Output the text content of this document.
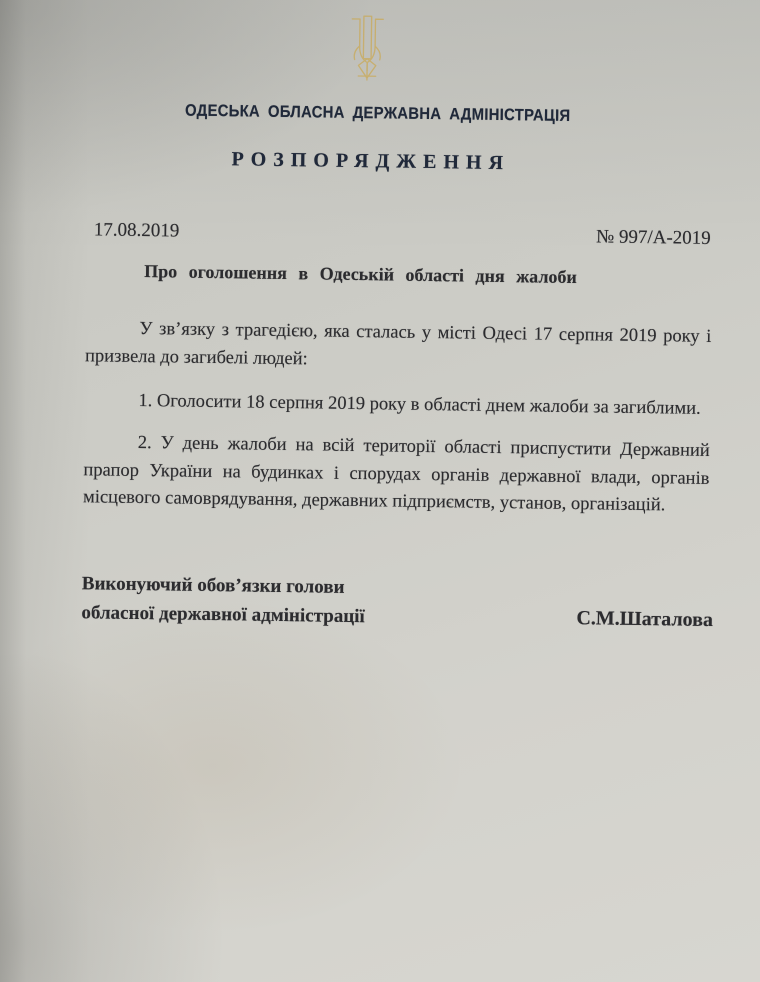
ОДЕСЬКА ОБЛАСНА ДЕРЖАВНА АДМІНІСТРАЦІЯ
РОЗПОРЯДЖЕННЯ
17.08.2019	№ 997/А-2019
Про оголошення в Одеській області дня жалоби

У зв’язку з трагедією, яка сталась у місті Одесі 17 серпня 2019 року і призвела до загибелі людей:

1. Оголосити 18 серпня 2019 року в області днем жалоби за загиблими.

2. У день жалоби на всій території області приспустити Державний прапор України на будинках і спорудах органів державної влади, органів місцевого самоврядування, державних підприємств, установ, організацій.

Виконуючий обов’язки голови
обласної державної адміністрації	С.М.Шаталова
